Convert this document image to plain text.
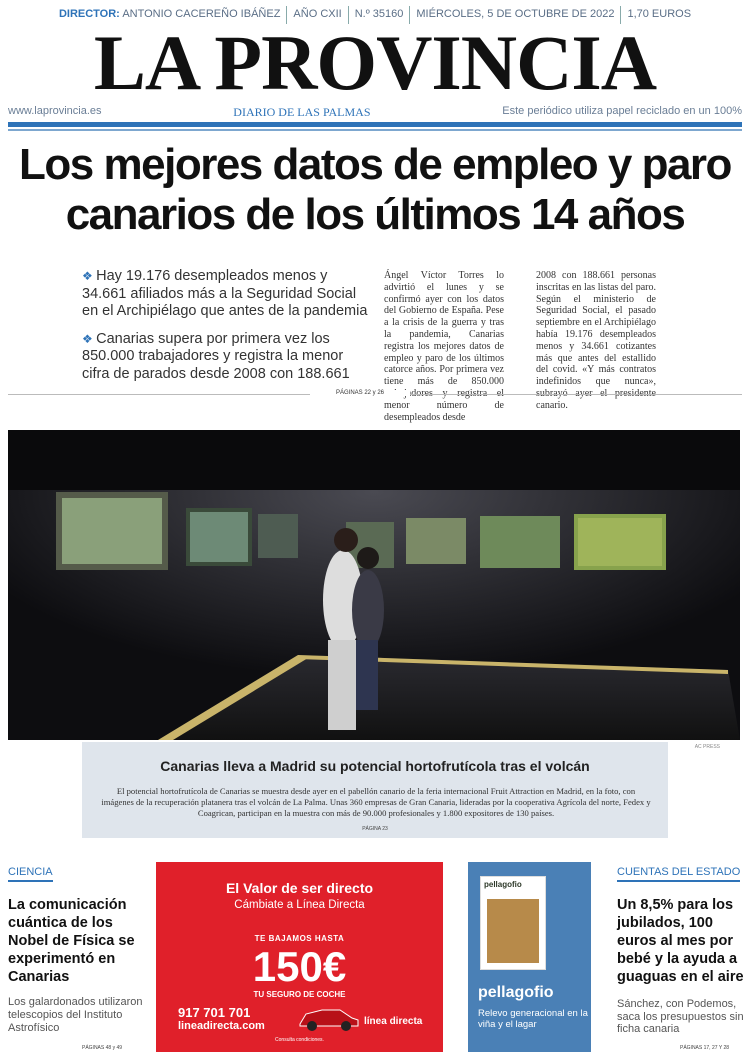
DIRECTOR: ANTONIO CACEREÑO IBÁÑEZ	AÑO CXII	N.º 35160	MIÉRCOLES, 5 DE OCTUBRE DE 2022	1,70 EUROS
LA PROVINCIA
www.laprovincia.es	DIARIO DE LAS PALMAS	Este periódico utiliza papel reciclado en un 100%
Los mejores datos de empleo y paro
canarios de los últimos 14 años

❖ Hay 19.176 desempleados menos y 34.661 afiliados más a la Seguridad Social en el Archipiélago que antes de la pandemia

❖ Canarias supera por primera vez los 850.000 trabajadores y registra la menor cifra de parados desde 2008 con 188.661

Ángel Víctor Torres lo advirtió el lunes y se confirmó ayer con los datos del Gobierno de España. Pese a la crisis de la guerra y tras la pandemia, Canarias registra los mejores datos de empleo y paro de los últimos catorce años. Por primera vez tiene más de 850.000 menor número de desempleados desde
2008 con 188.661 personas inscritas en las listas del paro. Según el ministerio de Seguridad Social, el pasado septiembre en el Archipiélago había 19.176 desempleados menos y 34.661 cotizantes más que antes del estallido del covid. «Y más contratos indefinidos que nunca», canario.
PÁGINAS 22 y 26
AC PRESS
Canarias lleva a Madrid su potencial hortofrutícola tras el volcán
El potencial hortofrutícola de Canarias se muestra desde ayer en el pabellón canario de la feria internacional Fruit Attraction en Madrid, en la foto, con imágenes de la recuperación platanera tras el volcán de La Palma. Unas 360 empresas de Gran Canaria, lideradas por la cooperativa Agrícola del norte, Fedex y Coagrican, participan en la muestra con más de 90.000 profesionales y 1.800 expositores de 130 países.
PÁGINA 23
CIENCIA
La comunicación cuántica de los Nobel de Física se experimentó en Canarias
Los galardonados utilizaron telescopios del Instituto Astrofísico
PÁGINAS 48 y 49
El Valor de ser directo
Cámbiate a Línea Directa
TE BAJAMOS HASTA
150€
TU SEGURO DE COCHE
917 701 701
lineadirecta.com	línea directa
Consulta condiciones.
pellagofio
pellagofio
Relevo generacional en la viña y el lagar
CUENTAS DEL ESTADO
Un 8,5% para los jubilados, 100 euros al mes por bebé y la ayuda a guaguas en el aire
Sánchez, con Podemos, saca los presupuestos sin ficha canaria
PÁGINAS 17, 27 Y 28
